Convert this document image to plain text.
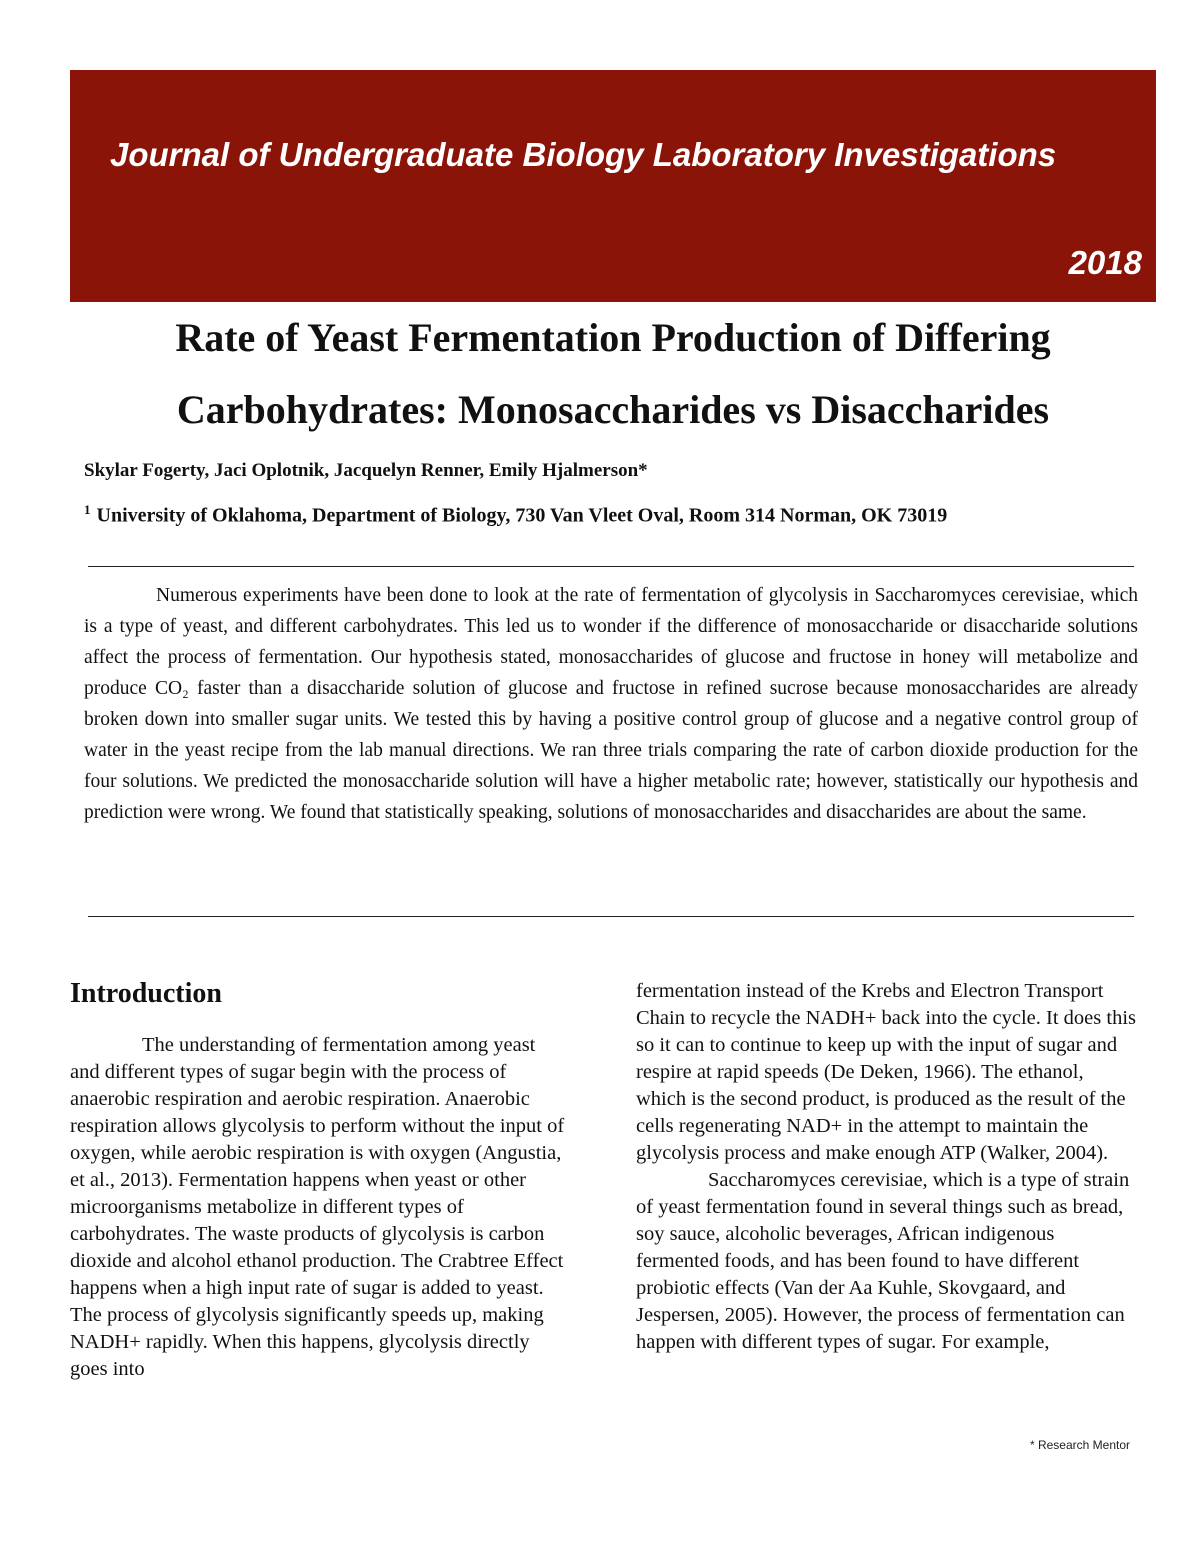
Journal of Undergraduate Biology Laboratory Investigations
2018
Rate of Yeast Fermentation Production of Differing
Carbohydrates: Monosaccharides vs Disaccharides
Skylar Fogerty, Jaci Oplotnik, Jacquelyn Renner, Emily Hjalmerson*
$^1$ University of Oklahoma, Department of Biology, 730 Van Vleet Oval, Room 314 Norman, OK 73019

Numerous experiments have been done to look at the rate of fermentation of glycolysis in Saccharomyces cerevisiae, which is a type of yeast, and different carbohydrates. This led us to wonder if the difference of monosaccharide or disaccharide solutions affect the process of fermentation. Our hypothesis stated, monosaccharides of glucose and fructose in honey will metabolize and produce CO₂ faster than a disaccharide solution of glucose and fructose in refined sucrose because monosaccharides are already broken down into smaller sugar units. We tested this by having a positive control group of glucose and a negative control group of water in the yeast recipe from the lab manual directions. We ran three trials comparing the rate of carbon dioxide production for the four solutions. We predicted the monosaccharide solution will have a higher metabolic rate; however, statistically our hypothesis and prediction were wrong. We found that statistically speaking, solutions of monosaccharides and disaccharides are about the same.

Introduction

The understanding of fermentation among yeast and different types of sugar begin with the process of anaerobic respiration and aerobic respiration. Anaerobic respiration allows glycolysis to perform without the input of oxygen, while aerobic respiration is with oxygen (Angustia, et al., 2013). Fermentation happens when yeast or other microorganisms metabolize in different types of carbohydrates. The waste products of glycolysis is carbon dioxide and alcohol ethanol production. The Crabtree Effect happens when a high input rate of sugar is added to yeast. The process of glycolysis significantly speeds up, making NADH+ rapidly. When this happens, glycolysis directly goes into

fermentation instead of the Krebs and Electron Transport Chain to recycle the NADH+ back into the cycle. It does this so it can to continue to keep up with the input of sugar and respire at rapid speeds (De Deken, 1966). The ethanol, which is the second product, is produced as the result of the cells regenerating NAD+ in the attempt to maintain the glycolysis process and make enough ATP (Walker, 2004).

Saccharomyces cerevisiae, which is a type of strain of yeast fermentation found in several things such as bread, soy sauce, alcoholic beverages, African indigenous fermented foods, and has been found to have different probiotic effects (Van der Aa Kuhle, Skovgaard, and Jespersen, 2005). However, the process of fermentation can happen with different types of sugar. For example,

* Research Mentor
